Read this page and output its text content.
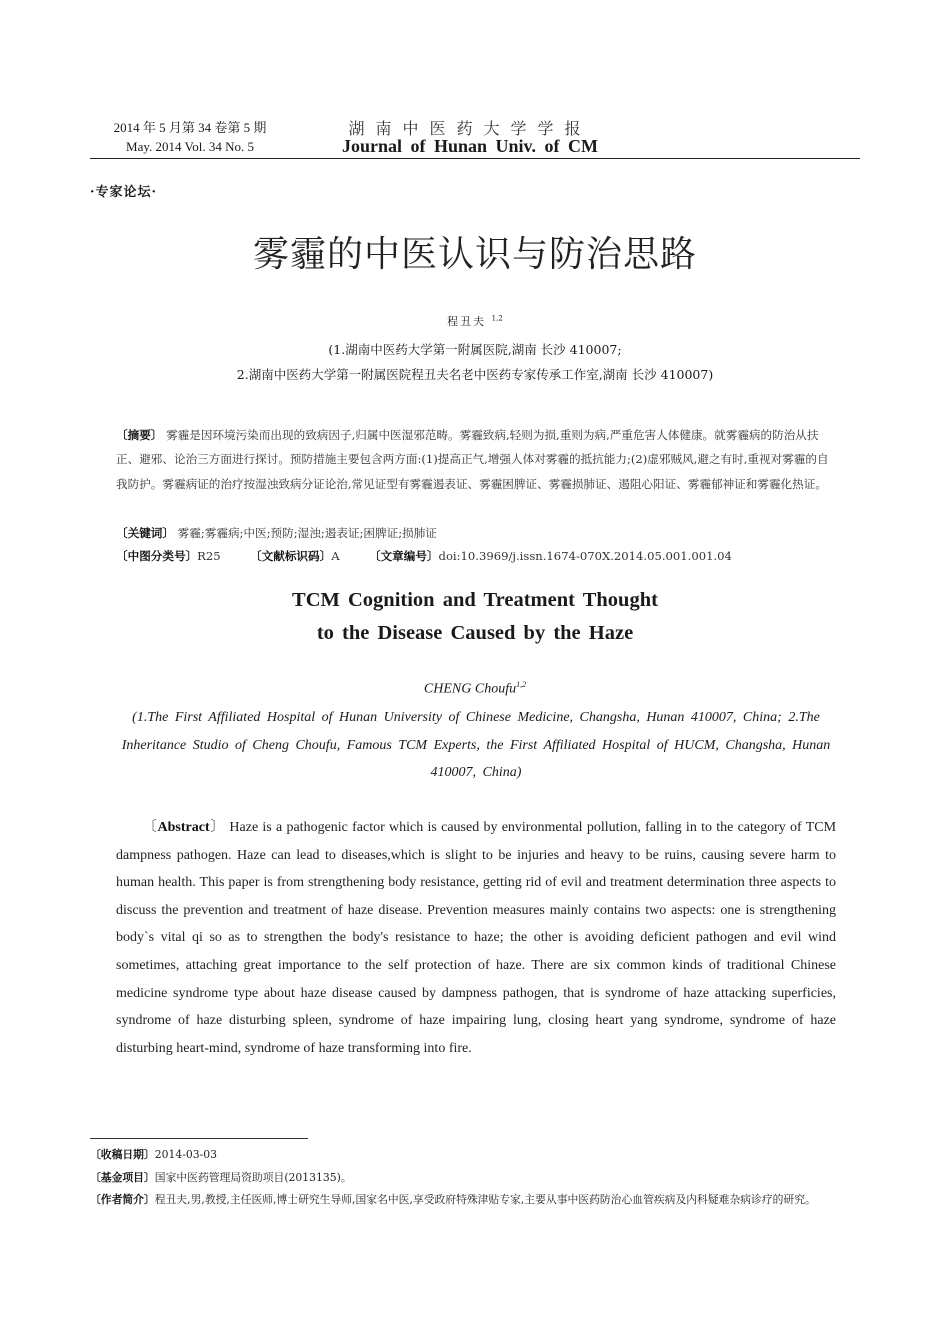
2014 年 5 月第 34 卷第 5 期
May. 2014 Vol. 34 No. 5
湖南中医药大学学报
Journal of Hunan Univ. of CM
·专家论坛·
雾霾的中医认识与防治思路
程丑夫 $^{1,2}$
(1.湖南中医药大学第一附属医院,湖南 长沙 410007;
2.湖南中医药大学第一附属医院程丑夫名老中医药专家传承工作室,湖南 长沙 410007)
〔摘要〕 雾霾是因环境污染而出现的致病因子,归属中医湿邪范畴。雾霾致病,轻则为损,重则为病,严重危害人体健康。就雾霾病的防治从扶正、避邪、论治三方面进行探讨。预防措施主要包含两方面:(1)提高正气,增强人体对雾霾的抵抗能力;(2)虚邪贼风,避之有时,重视对雾霾的自我防护。雾霾病证的治疗按湿浊致病分证论治,常见证型有雾霾遏表证、雾霾困脾证、雾霾损肺证、遏阻心阳证、雾霾郁神证和雾霾化热证。
〔关键词〕 雾霾;雾霾病;中医;预防;湿浊;遏表证;困脾证;损肺证
〔中图分类号〕R25	〔文献标识码〕A	〔文章编号〕doi:10.3969/j.issn.1674-070X.2014.05.001.001.04
TCM Cognition and Treatment Thought
to the Disease Caused by the Haze
CHENG Choufu$^{1,2}$
(1.The First Affiliated Hospital of Hunan University of Chinese Medicine, Changsha, Hunan 410007, China; 2.The Inheritance Studio of Cheng Choufu, Famous TCM Experts, the First Affiliated Hospital of HUCM, Changsha, Hunan 410007, China)
〔Abstract〕 Haze is a pathogenic factor which is caused by environmental pollution, falling in to the category of TCM dampness pathogen. Haze can lead to diseases,which is slight to be injuries and heavy to be ruins, causing severe harm to human health. This paper is from strengthening body resistance, getting rid of evil and treatment determination three aspects to discuss the prevention and treatment of haze disease. Prevention measures mainly contains two aspects: one is strengthening body`s vital qi so as to strengthen the body's resistance to haze; the other is avoiding deficient pathogen and evil wind sometimes, attaching great importance to the self protection of haze. There are six common kinds of traditional Chinese medicine syndrome type about haze disease caused by dampness pathogen, that is syndrome of haze attacking superficies, syndrome of haze disturbing spleen, syndrome of haze impairing lung, closing heart yang syndrome, syndrome of haze disturbing heart-mind, syndrome of haze transforming into fire.
〔收稿日期〕2014-03-03
〔基金项目〕国家中医药管理局资助项目(2013135)。
〔作者简介〕程丑夫,男,教授,主任医师,博士研究生导师,国家名中医,享受政府特殊津贴专家,主要从事中医药防治心血管疾病及内科疑难杂病诊疗的研究。
